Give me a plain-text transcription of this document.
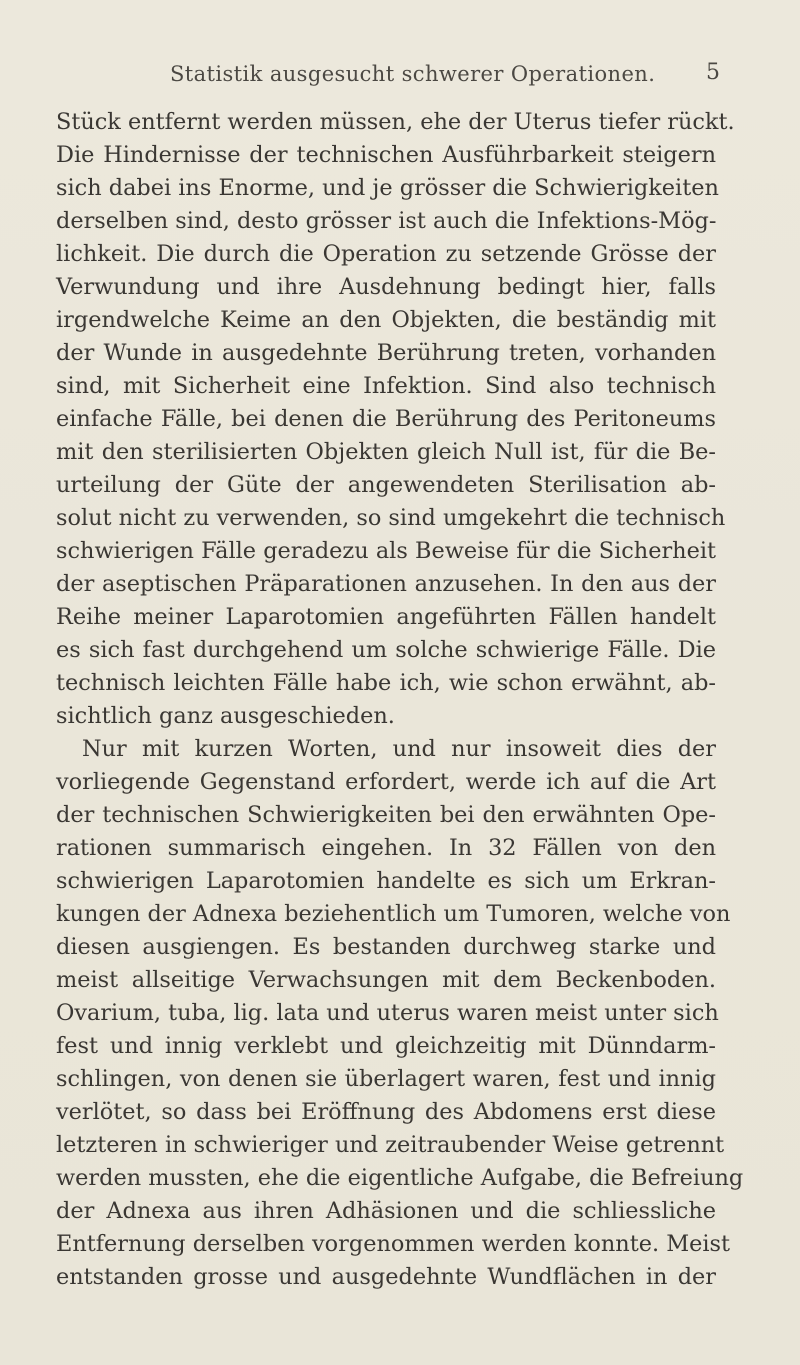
Statistik ausgesucht schwerer Operationen. 5
Stück entfernt werden müssen, ehe der Uterus tiefer rückt.
Die Hindernisse der technischen Ausführbarkeit steigern
sich dabei ins Enorme, und je grösser die Schwierigkeiten
derselben sind, desto grösser ist auch die Infektions-Mög-
lichkeit. Die durch die Operation zu setzende Grösse der
Verwundung und ihre Ausdehnung bedingt hier, falls
irgendwelche Keime an den Objekten, die beständig mit
der Wunde in ausgedehnte Berührung treten, vorhanden
sind, mit Sicherheit eine Infektion. Sind also technisch
einfache Fälle, bei denen die Berührung des Peritoneums
mit den sterilisierten Objekten gleich Null ist, für die Be-
urteilung der Güte der angewendeten Sterilisation ab-
solut nicht zu verwenden, so sind umgekehrt die technisch
schwierigen Fälle geradezu als Beweise für die Sicherheit
der aseptischen Präparationen anzusehen. In den aus der
Reihe meiner Laparotomien angeführten Fällen handelt
es sich fast durchgehend um solche schwierige Fälle. Die
technisch leichten Fälle habe ich, wie schon erwähnt, ab-
sichtlich ganz ausgeschieden.
Nur mit kurzen Worten, und nur insoweit dies der
vorliegende Gegenstand erfordert, werde ich auf die Art
der technischen Schwierigkeiten bei den erwähnten Ope-
rationen summarisch eingehen. In 32 Fällen von den
schwierigen Laparotomien handelte es sich um Erkran-
kungen der Adnexa beziehentlich um Tumoren, welche von
diesen ausgiengen. Es bestanden durchweg starke und
meist allseitige Verwachsungen mit dem Beckenboden.
Ovarium, tuba, lig. lata und uterus waren meist unter sich
fest und innig verklebt und gleichzeitig mit Dünndarm-
schlingen, von denen sie überlagert waren, fest und innig
verlötet, so dass bei Eröffnung des Abdomens erst diese
letzteren in schwieriger und zeitraubender Weise getrennt
werden mussten, ehe die eigentliche Aufgabe, die Befreiung
der Adnexa aus ihren Adhäsionen und die schliessliche
Entfernung derselben vorgenommen werden konnte. Meist
entstanden grosse und ausgedehnte Wundflächen in der
